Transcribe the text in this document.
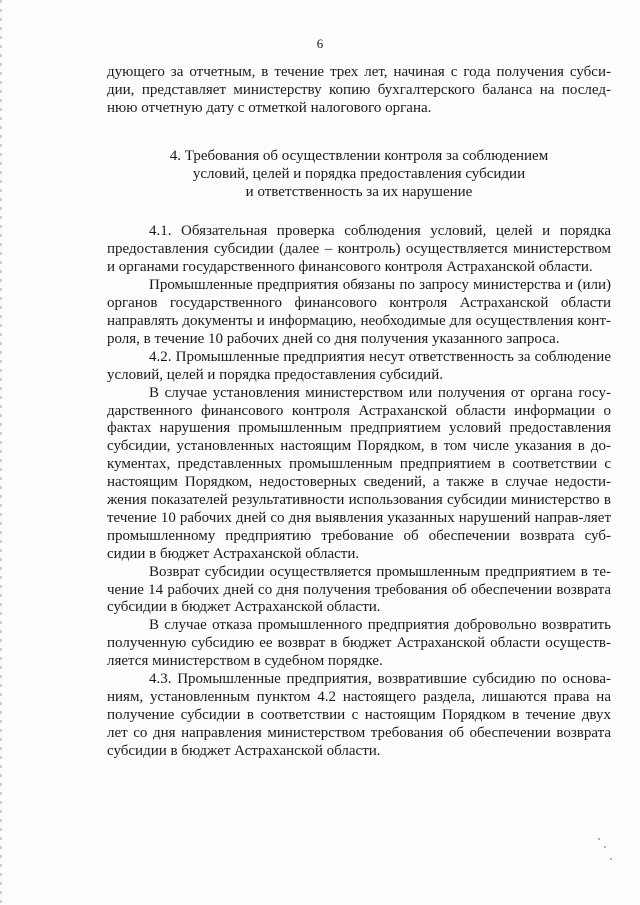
6

дующего за отчетным, в течение трех лет, начиная с года получения субси-дии, представляет министерству копию бухгалтерского баланса на послед-нюю отчетную дату с отметкой налогового органа.

4. Требования об осуществлении контроля за соблюдением
условий, целей и порядка предоставления субсидии
и ответственность за их нарушение

4.1. Обязательная проверка соблюдения условий, целей и порядка предоставления субсидии (далее – контроль) осуществляется министерством и органами государственного финансового контроля Астраханской области.

Промышленные предприятия обязаны по запросу министерства и (или) органов государственного финансового контроля Астраханской области направлять документы и информацию, необходимые для осуществления конт-роля, в течение 10 рабочих дней со дня получения указанного запроса.

4.2. Промышленные предприятия несут ответственность за соблюдение условий, целей и порядка предоставления субсидий.

В случае установления министерством или получения от органа госу-дарственного финансового контроля Астраханской области информации о фактах нарушения промышленным предприятием условий предоставления субсидии, установленных настоящим Порядком, в том числе указания в до-кументах, представленных промышленным предприятием в соответствии с настоящим Порядком, недостоверных сведений, а также в случае недости-жения показателей результативности использования субсидии министерство в течение 10 рабочих дней со дня выявления указанных нарушений направ-ляет промышленному предприятию требование об обеспечении возврата суб-сидии в бюджет Астраханской области.

Возврат субсидии осуществляется промышленным предприятием в те-чение 14 рабочих дней со дня получения требования об обеспечении возврата субсидии в бюджет Астраханской области.

В случае отказа промышленного предприятия добровольно возвратить полученную субсидию ее возврат в бюджет Астраханской области осуществ-ляется министерством в судебном порядке.

4.3. Промышленные предприятия, возвратившие субсидию по основа-ниям, установленным пунктом 4.2 настоящего раздела, лишаются права на получение субсидии в соответствии с настоящим Порядком в течение двух лет со дня направления министерством требования об обеспечении возврата субсидии в бюджет Астраханской области.
